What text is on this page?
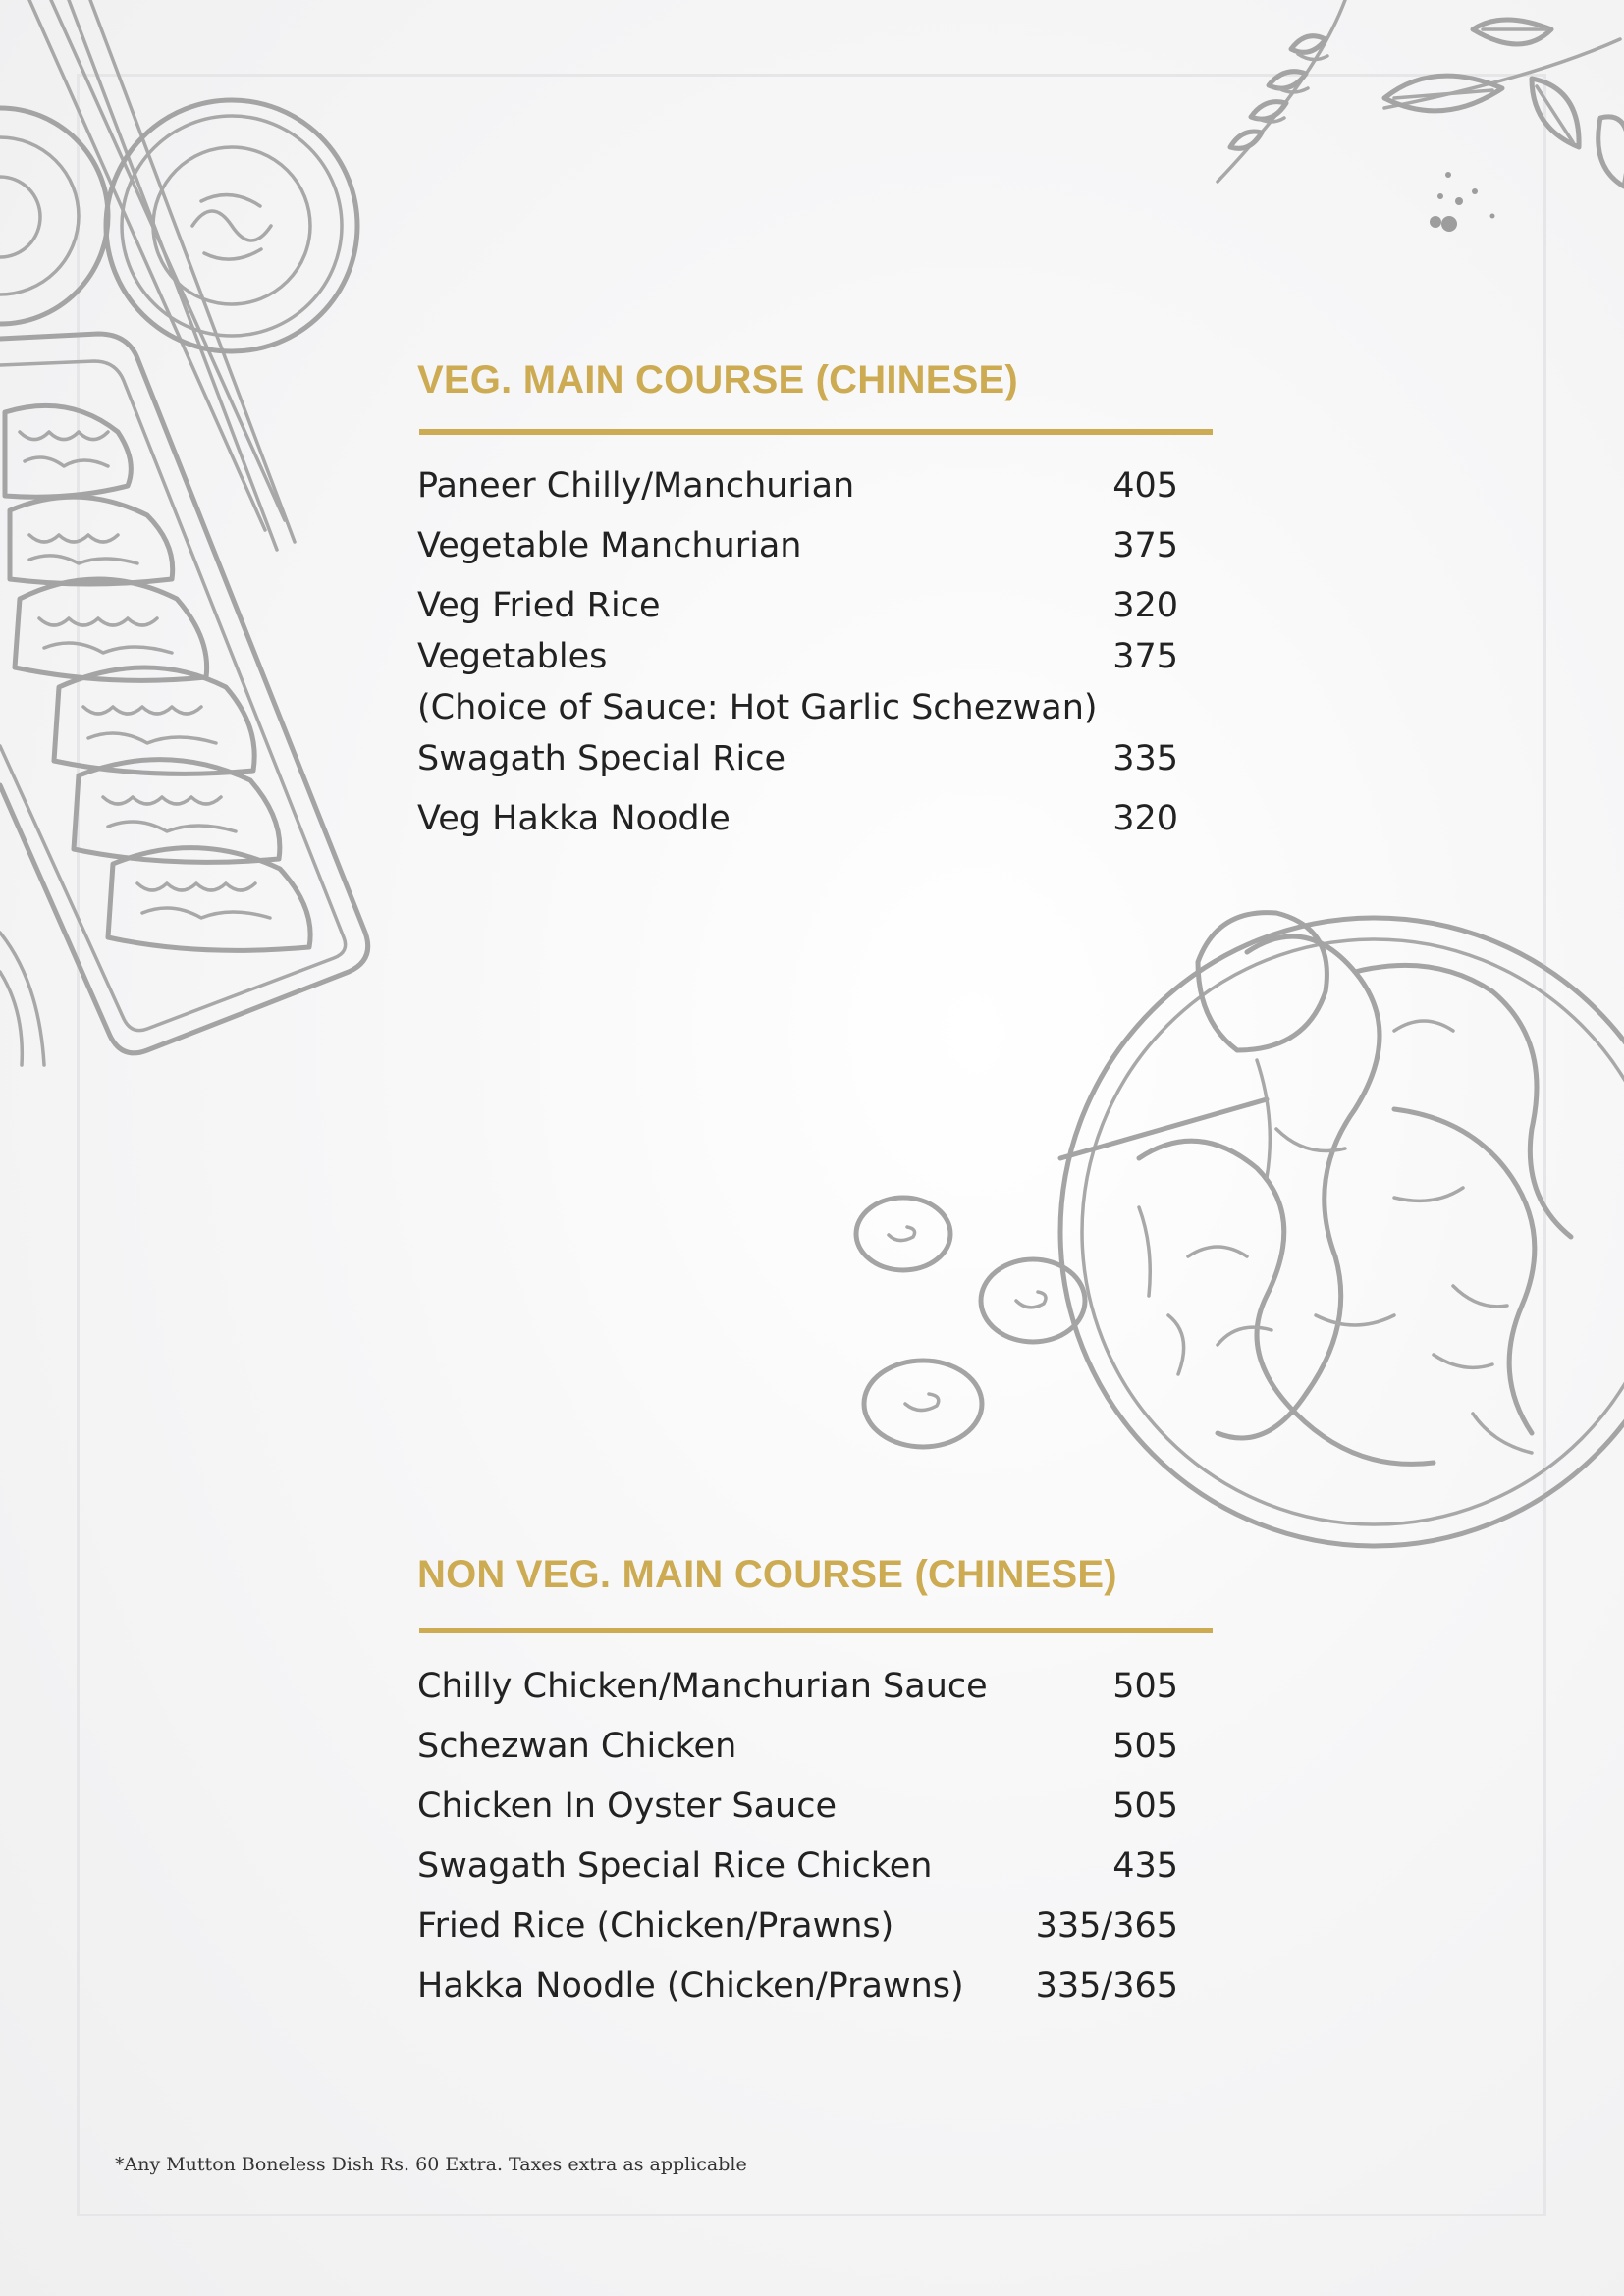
VEG. MAIN COURSE (CHINESE)
Paneer Chilly/Manchurian	405
Vegetable Manchurian	375
Veg Fried Rice	320
Vegetables	375
(Choice of Sauce: Hot Garlic Schezwan)
Swagath Special Rice	335
Veg Hakka Noodle	320
NON VEG. MAIN COURSE (CHINESE)
Chilly Chicken/Manchurian Sauce	505
Schezwan Chicken	505
Chicken In Oyster Sauce	505
Swagath Special Rice Chicken	435
Fried Rice (Chicken/Prawns)	335/365
Hakka Noodle (Chicken/Prawns) 335/365

*Any Mutton Boneless Dish Rs. 60 Extra. Taxes extra as applicable
